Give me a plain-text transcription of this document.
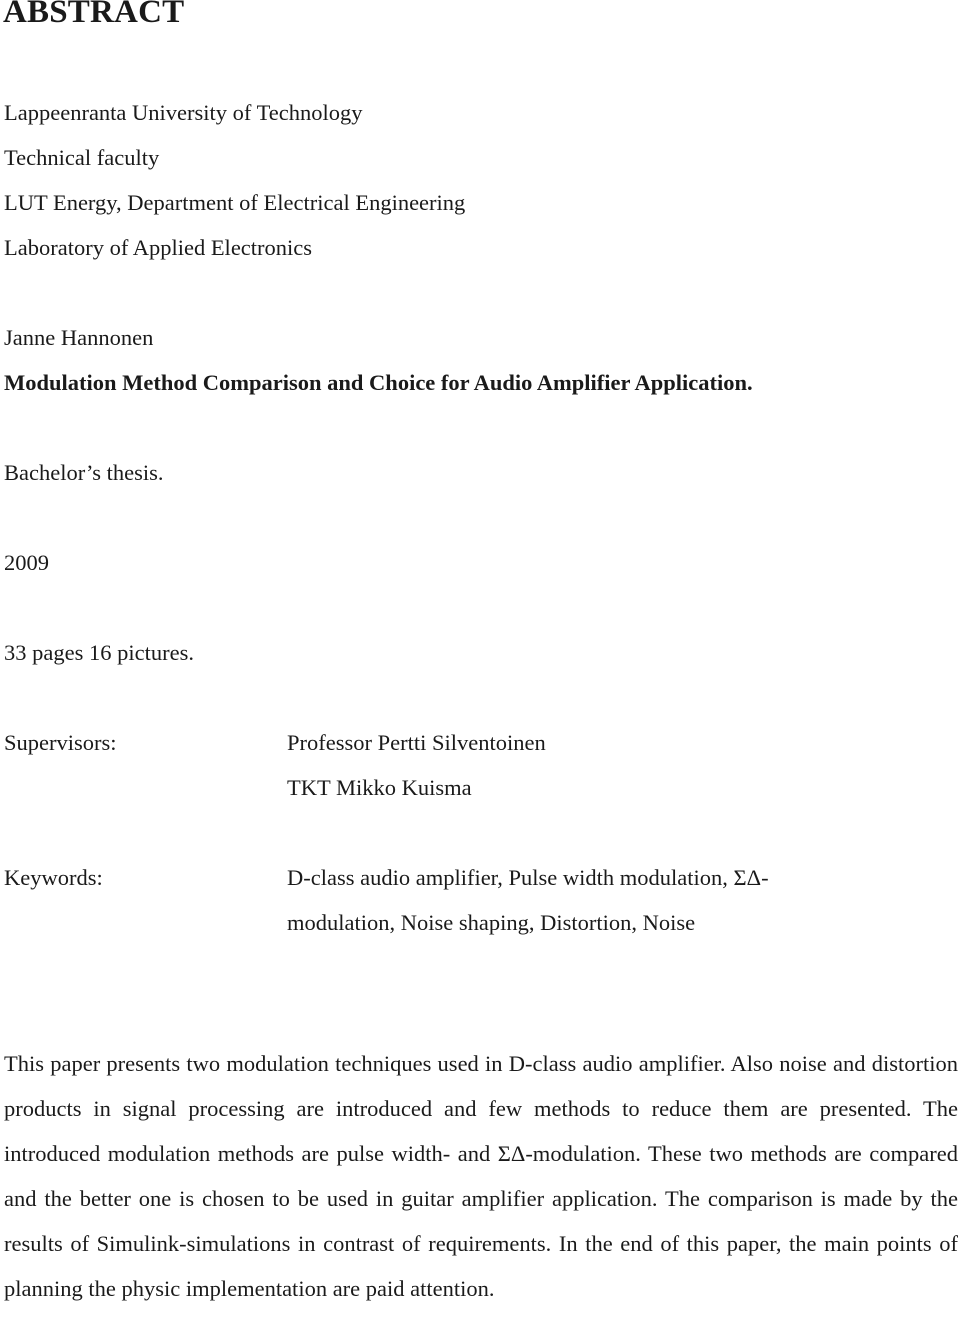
ABSTRACT
Lappeenranta University of Technology
Technical faculty
LUT Energy, Department of Electrical Engineering
Laboratory of Applied Electronics
Janne Hannonen
Modulation Method Comparison and Choice for Audio Amplifier Application.
Bachelor’s thesis.
2009
33 pages 16 pictures.
Supervisors:	Professor Pertti Silventoinen
TKT Mikko Kuisma
Keywords:	D-class audio amplifier, Pulse width modulation, ΣΔ-
modulation, Noise shaping, Distortion, Noise

This paper presents two modulation techniques used in D-class audio amplifier. Also noise and distortion products in signal processing are introduced and few methods to reduce them are presented. The introduced modulation methods are pulse width- and ΣΔ-modulation. These two methods are compared and the better one is chosen to be used in guitar amplifier application. The comparison is made by the results of Simulink-simulations in contrast of requirements. In the end of this paper, the main points of planning the physic implementation are paid attention.
